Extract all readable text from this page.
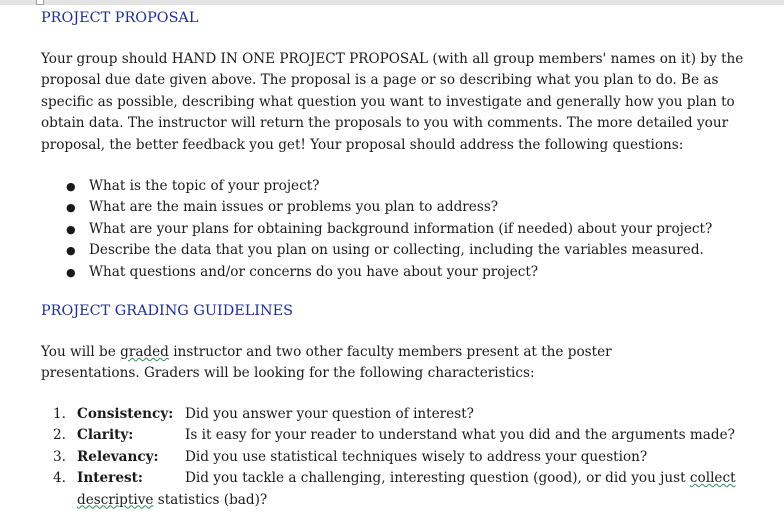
PROJECT PROPOSAL

Your group should HAND IN ONE PROJECT PROPOSAL (with all group members' names on it) by the proposal due date given above. The proposal is a page or so describing what you plan to do. Be as specific as possible, describing what question you want to investigate and generally how you plan to obtain data. The instructor will return the proposals to you with comments. The more detailed your proposal, the better feedback you get! Your proposal should address the following questions:

● What is the topic of your project?
● What are the main issues or problems you plan to address?
● What are your plans for obtaining background information (if needed) about your project?
● Describe the data that you plan on using or collecting, including the variables measured.
● What questions and/or concerns do you have about your project?
PROJECT GRADING GUIDELINES

You will be graded instructor and two other faculty members present at the poster presentations. Graders will be looking for the following characteristics:

1. Consistency: Did you answer your question of interest?
2. Clarity:	Is it easy for your reader to understand what you did and the arguments made?
3. Relevancy:	Did you use statistical techniques wisely to address your question?
4. Interest:	Did you tackle a challenging, interesting question (good), or did you just collect
descriptive statistics (bad)?
